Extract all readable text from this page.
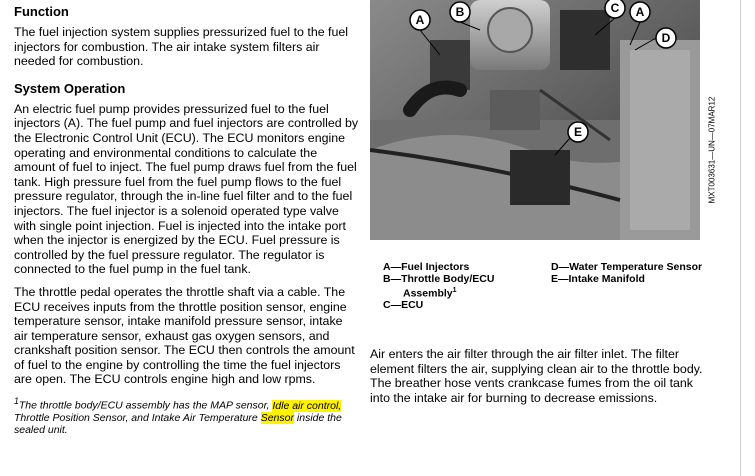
Function
The fuel injection system supplies pressurized fuel to the fuel injectors for combustion. The air intake system filters air needed for combustion.
System Operation
An electric fuel pump provides pressurized fuel to the fuel injectors (A). The fuel pump and fuel injectors are controlled by the Electronic Control Unit (ECU). The ECU monitors engine operating and environmental conditions to calculate the amount of fuel to inject. The fuel pump draws fuel from the fuel tank. High pressure fuel from the fuel pump flows to the fuel pressure regulator, through the in-line fuel filter and to the fuel injectors. The fuel injector is a solenoid operated type valve with single point injection. Fuel is injected into the intake port when the injector is energized by the ECU. Fuel pressure is controlled by the fuel pressure regulator. The regulator is connected to the fuel pump in the fuel tank.
The throttle pedal operates the throttle shaft via a cable. The ECU receives inputs from the throttle position sensor, engine temperature sensor, intake manifold pressure sensor, intake air temperature sensor, exhaust gas oxygen sensors, and crankshaft position sensor. The ECU then controls the amount of fuel to the engine by controlling the time the fuel injectors are open. The ECU controls engine high and low rpms.
$^1$The throttle body/ECU assembly has the MAP sensor, Idle air control, Throttle Position Sensor, and Intake Air Temperature Sensor inside the sealed unit.
A
B	C A
D
E	MXT003631—UN—07MAR12
A—Fuel Injectors
B—Throttle Body/ECU
Assembly$^1$
C—ECU
D—Water Temperature Sensor
E—Intake Manifold
Air enters the air filter through the air filter inlet. The filter element filters the air, supplying clean air to the throttle body. The breather hose vents crankcase fumes from the oil tank into the intake air for burning to decrease emissions.
